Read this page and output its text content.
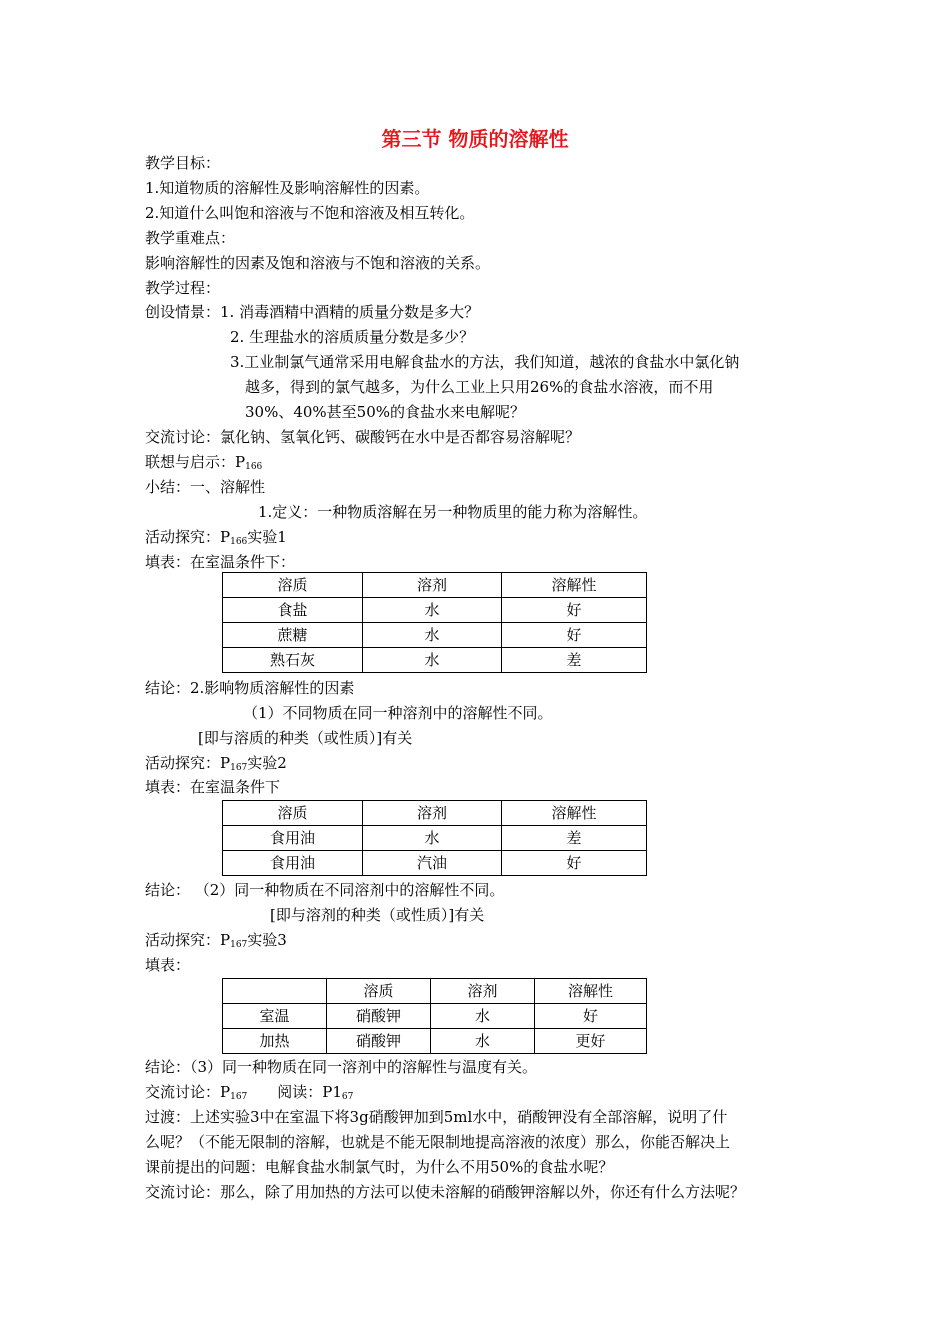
第三节 物质的溶解性
教学目标：
1.知道物质的溶解性及影响溶解性的因素。
2.知道什么叫饱和溶液与不饱和溶液及相互转化。
教学重难点：
影响溶解性的因素及饱和溶液与不饱和溶液的关系。
教学过程：
创设情景：1. 消毒酒精中酒精的质量分数是多大？
2. 生理盐水的溶质质量分数是多少？
3.工业制氯气通常采用电解食盐水的方法，我们知道，越浓的食盐水中氯化钠
越多，得到的氯气越多，为什么工业上只用26%的食盐水溶液，而不用
30%、40%甚至50%的食盐水来电解呢？
交流讨论：氯化钠、氢氧化钙、碳酸钙在水中是否都容易溶解呢？
联想与启示：$P_{166}$
小结：一、溶解性
1.定义：一种物质溶解在另一种物质里的能力称为溶解性。
活动探究：$P_{166}$实验1
填表：在室温条件下：
溶质	溶剂	溶解性
食盐	水	好
蔗糖	水	好
熟石灰	水	差
结论：2.影响物质溶解性的因素
（1）不同物质在同一种溶剂中的溶解性不同。
[即与溶质的种类（或性质）]有关
活动探究：$P_{167}$实验2
填表：在室温条件下
溶质	溶剂	溶解性
食用油	水	差
食用油	汽油	好
结论： （2）同一种物质在不同溶剂中的溶解性不同。
[即与溶剂的种类（或性质）]有关
活动探究：$P_{167}$实验3
填表：
	溶质	溶剂	溶解性
室温	硝酸钾	水	好
加热	硝酸钾	水	更好
结论：（3）同一种物质在同一溶剂中的溶解性与温度有关。
交流讨论：$P_{167}$ 阅读：$P1_{67}$
过渡：上述实验3中在室温下将3g硝酸钾加到5ml水中，硝酸钾没有全部溶解，说明了什
么呢？（不能无限制的溶解，也就是不能无限制地提高溶液的浓度）那么，你能否解决上
课前提出的问题：电解食盐水制氯气时，为什么不用50%的食盐水呢？
交流讨论：那么，除了用加热的方法可以使未溶解的硝酸钾溶解以外，你还有什么方法呢？
